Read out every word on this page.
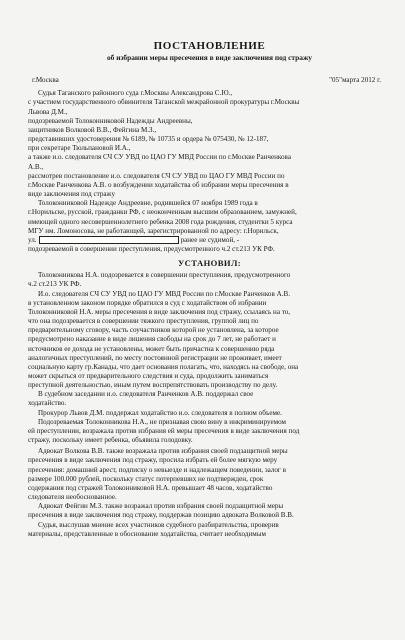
ПОСТАНОВЛЕНИЕ
об избрании меры пресечения в виде заключения под стражу
г.Москва	"05"марта 2012 г.
Судья Таганского районного суда г.Москвы Александрова С.Ю.,
с участием государственного обвинителя Таганской межрайонной прокуратуры г.Москвы
Львова Д.М.,
подозреваемой Толоконниковой Надежды Андреевны,
защитников Волковой В.В., Фейгина М.З.,
представивших удостоверения № 6189, № 10735 и ордера № 075430, № 12-187,
при секретаре Тюльпановой И.А.,
а также и.о. следователя СЧ СУ УВД по ЦАО ГУ МВД России по г.Москве Ранченкова
А.В.,
рассмотрев постановление и.о. следователя СЧ СУ УВД по ЦАО ГУ МВД России по
г.Москве Ранченкова А.В. о возбуждении ходатайства об избрании меры пресечения в
виде заключения под стражу
Толоконниковой Надежде Андреевне, родившейся 07 ноября 1989 года в
г.Норильске, русской, гражданки РФ, с неоконченным высшим образованием, замужней,
имеющей одного несовершеннолетнего ребенка 2008 года рождения, студентки 5 курса
МГУ им. Ломоносова, не работающей, зарегистрированной по адресу: г.Норильск,
ул.	ранее не судимой, -
подозреваемой в совершении преступления, предусмотренного ч.2 ст.213 УК РФ.
УСТАНОВИЛ:
Толоконникова Н.А. подозревается в совершении преступления, предусмотренного
ч.2 ст.213 УК РФ.
И.о. следователя СЧ СУ УВД по ЦАО ГУ МВД России по г.Москве Ранченков А.В.
в установленном законом порядке обратился в суд с ходатайством об избрании
Толоконниковой Н.А. меры пресечения в виде заключения под стражу, ссылаясь на то,
что она подозревается в совершении тяжкого преступления, группой лиц по
предварительному сговору, часть соучастников которой не установлена, за которое
предусмотрено наказание в виде лишения свободы на срок до 7 лет, не работает и
источников ее дохода не установлены, может быть причастна к совершению ряда
аналогичных преступлений, по месту постоянной регистрации не проживает, имеет
социальную карту гр.Канады, что дает основания полагать, что, находясь на свободе, она
может скрыться от предварительного следствия и суда, продолжить заниматься
преступной деятельностью, иным путем воспрепятствовать производству по делу.
В судебном заседании и.о. следователя Ранченков А.В. поддержал свое
ходатайство.
Прокурор Львов Д.М. поддержал ходатайство и.о. следователя в полном объеме.
Подозреваемая Толоконникова Н.А., не признавая свою вину в инкриминируемом
ей преступлении, возражала против избрания ей меры пресечения в виде заключения под
стражу, поскольку имеет ребенка, объявила голодовку.
Адвокат Волкова В.В. также возражала против избрания своей подзащитной меры
пресечения в виде заключения под стражу, просила избрать ей более мягкую меру
пресечения: домашний арест, подписку о невыезде и надлежащем поведении, залог в
размере 100.000 рублей, поскольку статус потерпевших не подтвержден, срок
содержания под стражей Толоконниковой Н.А. превышает 48 часов, ходатайство
следователя необоснованное.
Адвокат Фейгин М.З. также возражал против избрания своей подзащитной меры
пресечения в виде заключения под стражу, поддержав позицию адвоката Волковой В.В.
Судья, выслушав мнение всех участников судебного разбирательства, проверив
материалы, представленные в обоснование ходатайства, считает необходимым
